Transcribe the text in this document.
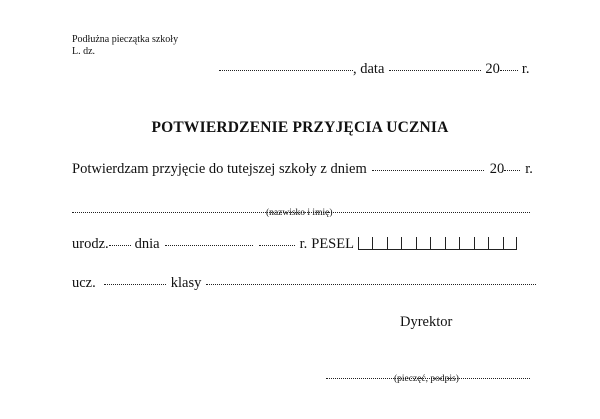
Podłużna pieczątka szkoły
L. dz.
, data	20 r.
POTWIERDZENIE PRZYJĘCIA UCZNIA
Potwierdzam przyjęcie do tutejszej szkoły z dniem	20 r.
(nazwisko i imię)
urodz. dnia	r. PESEL
ucz.	klasy
Dyrektor
(pieczęć, podpis)
